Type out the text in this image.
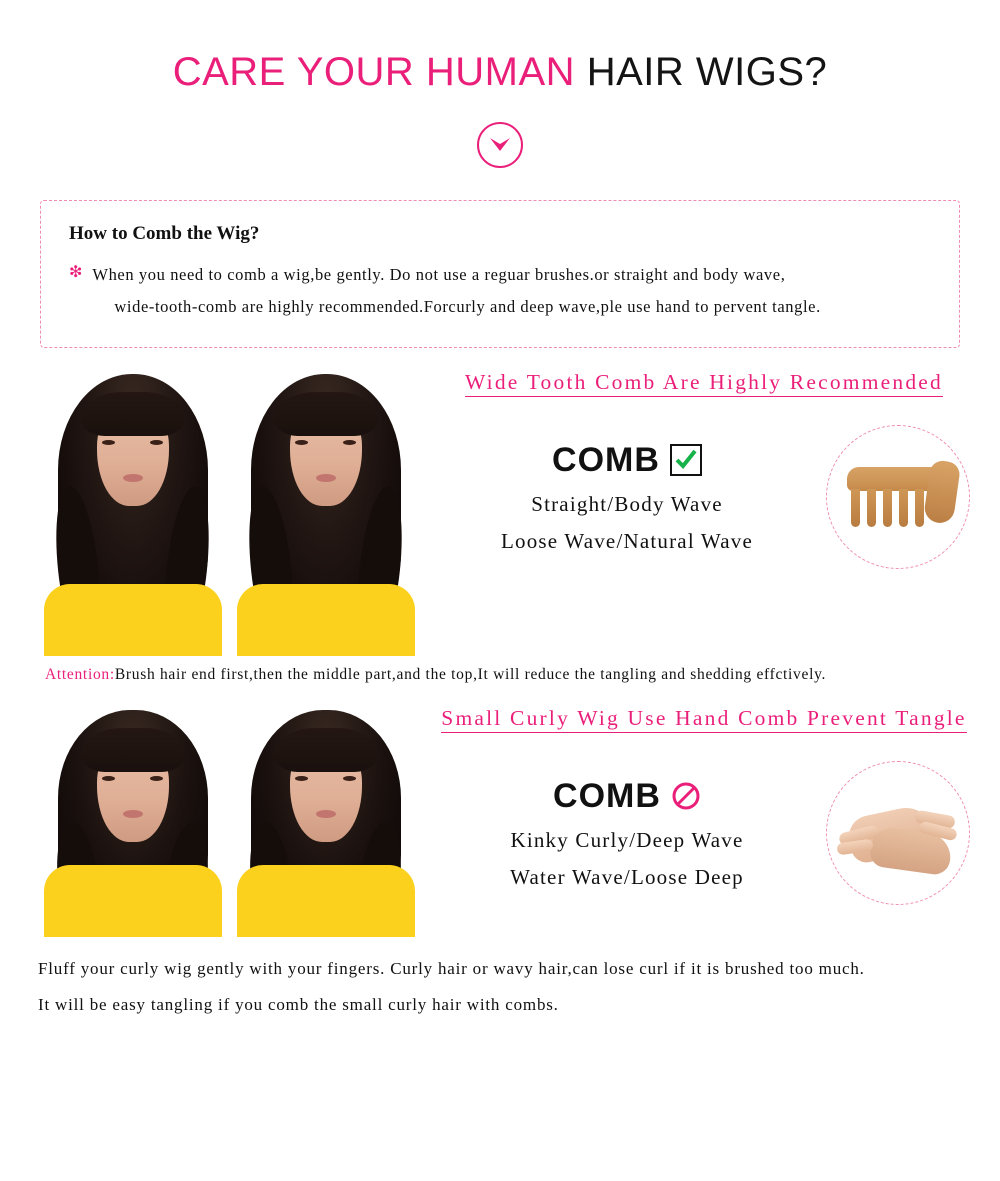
CARE YOUR HUMAN HAIR WIGS?
How to Comb the Wig?
❇ When you need to comb a wig,be gently. Do not use a reguar brushes.or straight and body wave,
wide-tooth-comb are highly recommended.Forcurly and deep wave,ple use hand to pervent tangle.
Wide Tooth Comb Are Highly Recommended
COMB
Straight/Body Wave
Loose Wave/Natural Wave
Attention:Brush hair end first,then the middle part,and the top,It will reduce the tangling and shedding effctively.
Small Curly Wig Use Hand Comb Prevent Tangle
COMB
Kinky Curly/Deep Wave
Water Wave/Loose Deep
Fluff your curly wig gently with your fingers. Curly hair or wavy hair,can lose curl if it is brushed too much.
It will be easy tangling if you comb the small curly hair with combs.
